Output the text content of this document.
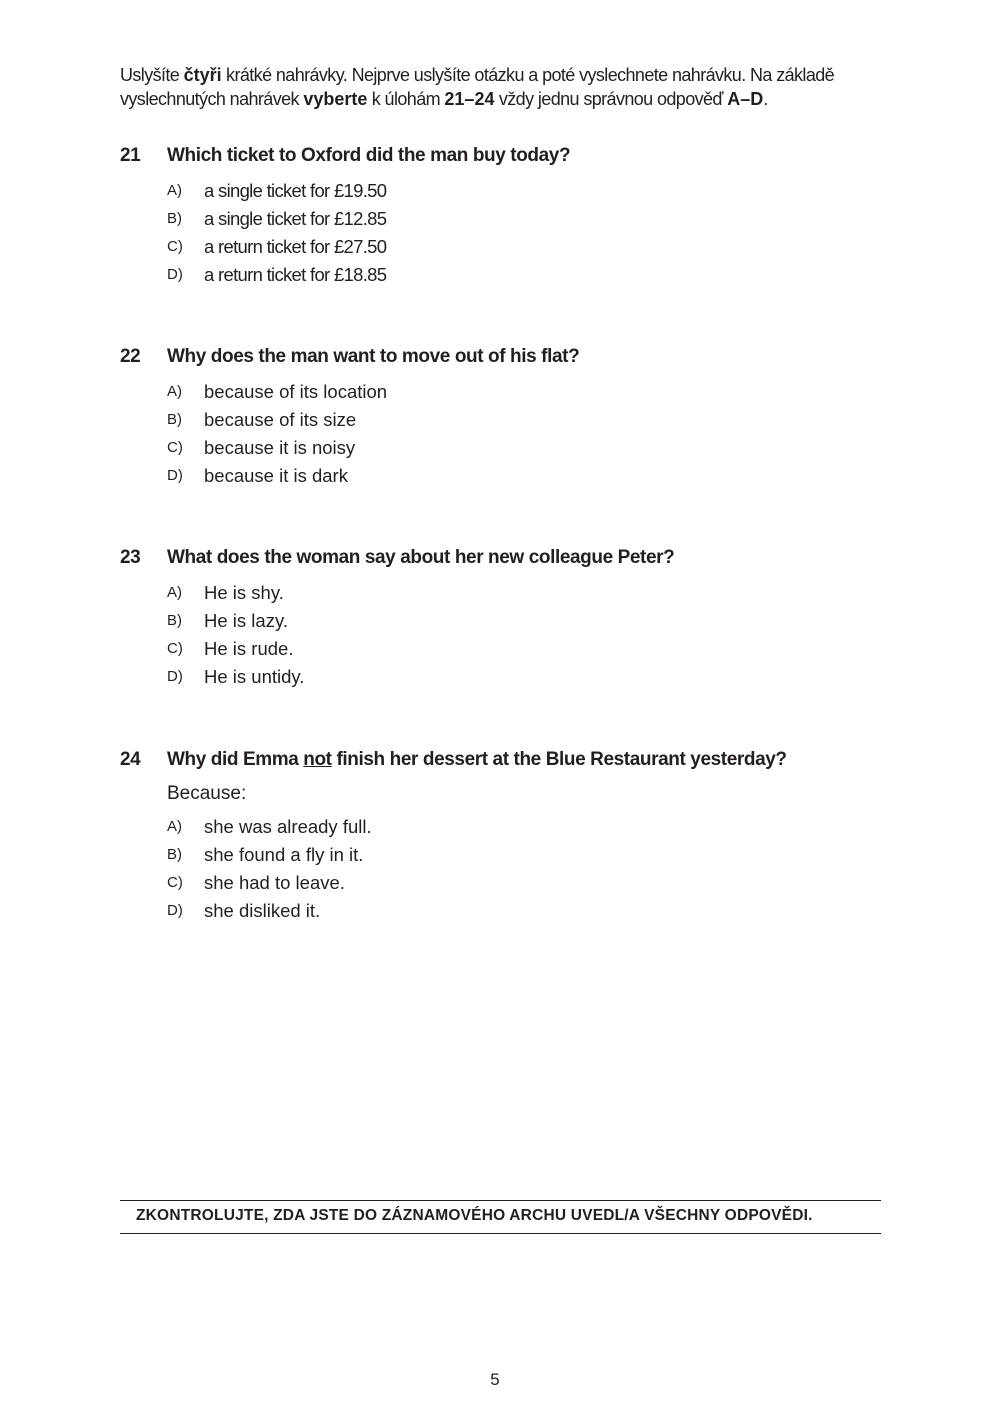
Uslyšíte čtyři krátké nahrávky. Nejprve uslyšíte otázku a poté vyslechnete nahrávku. Na základě vyslechnutých nahrávek vyberte k úlohám 21–24 vždy jednu správnou odpověď A–D.
21 Which ticket to Oxford did the man buy today?
A) a single ticket for £19.50
B) a single ticket for £12.85
C) a return ticket for £27.50
D) a return ticket for £18.85
22 Why does the man want to move out of his flat?
A) because of its location
B) because of its size
C) because it is noisy
D) because it is dark
23 What does the woman say about her new colleague Peter?
A) He is shy.
B) He is lazy.
C) He is rude.
D) He is untidy.
24 Why did Emma not finish her dessert at the Blue Restaurant yesterday?
Because:
A) she was already full.
B) she found a fly in it.
C) she had to leave.
D) she disliked it.
ZKONTROLUJTE, ZDA JSTE DO ZÁZNAMOVÉHO ARCHU UVEDL/A VŠECHNY ODPOVĚDI.
5
